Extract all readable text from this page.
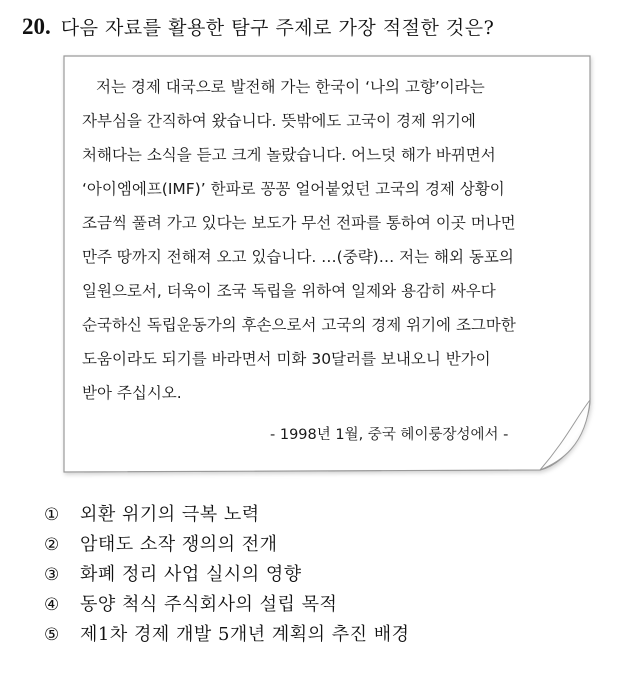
20. 다음 자료를 활용한 탐구 주제로 가장 적절한 것은?
저는 경제 대국으로 발전해 가는 한국이 ‘나의 고향’이라는
자부심을 간직하여 왔습니다. 뜻밖에도 고국이 경제 위기에
처해다는 소식을 듣고 크게 놀랐습니다. 어느덧 해가 바뀌면서
‘아이엠에프(IMF)’ 한파로 꽁꽁 얼어붙었던 고국의 경제 상황이
조금씩 풀려 가고 있다는 보도가 무선 전파를 통하여 이곳 머나먼
만주 땅까지 전해져 오고 있습니다. …(중략)… 저는 해외 동포의
일원으로서, 더욱이 조국 독립을 위하여 일제와 용감히 싸우다
순국하신 독립운동가의 후손으로서 고국의 경제 위기에 조그마한
도움이라도 되기를 바라면서 미화 30달러를 보내오니 반가이
받아 주십시오.
- 1998년 1월, 중국 헤이룽장성에서 -
①	외환 위기의 극복 노력
②	암태도 소작 쟁의의 전개
③	화폐 정리 사업 실시의 영향
④	동양 척식 주식회사의 설립 목적
⑤	제1차 경제 개발 5개년 계획의 추진 배경
